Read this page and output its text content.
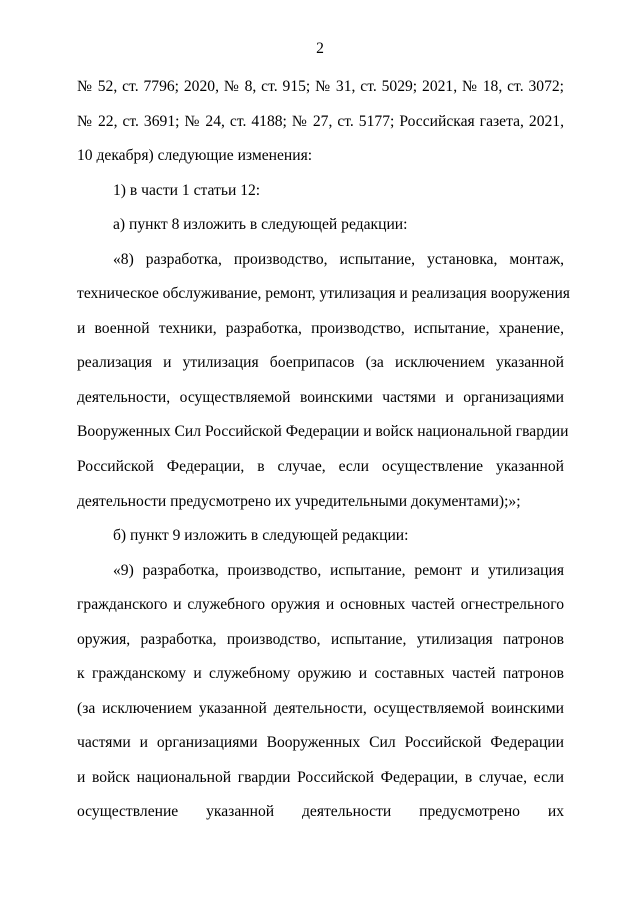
2
№ 52, ст. 7796; 2020, № 8, ст. 915; № 31, ст. 5029; 2021, № 18, ст. 3072;
№ 22, ст. 3691; № 24, ст. 4188; № 27, ст. 5177; Российская газета, 2021,
10 декабря) следующие изменения:
1) в части 1 статьи 12:
а) пункт 8 изложить в следующей редакции:
«8) разработка, производство, испытание, установка, монтаж,
техническое обслуживание, ремонт, утилизация и реализация вооружения
и военной техники, разработка, производство, испытание, хранение,
реализация и утилизация боеприпасов (за исключением указанной
деятельности, осуществляемой воинскими частями и организациями
Вооруженных Сил Российской Федерации и войск национальной гвардии
Российской Федерации, в случае, если осуществление указанной
деятельности предусмотрено их учредительными документами);»;
б) пункт 9 изложить в следующей редакции:
«9) разработка, производство, испытание, ремонт и утилизация
гражданского и служебного оружия и основных частей огнестрельного
оружия, разработка, производство, испытание, утилизация патронов
к гражданскому и служебному оружию и составных частей патронов
(за исключением указанной деятельности, осуществляемой воинскими
частями и организациями Вооруженных Сил Российской Федерации
и войск национальной гвардии Российской Федерации, в случае, если
осуществление указанной деятельности предусмотрено их
